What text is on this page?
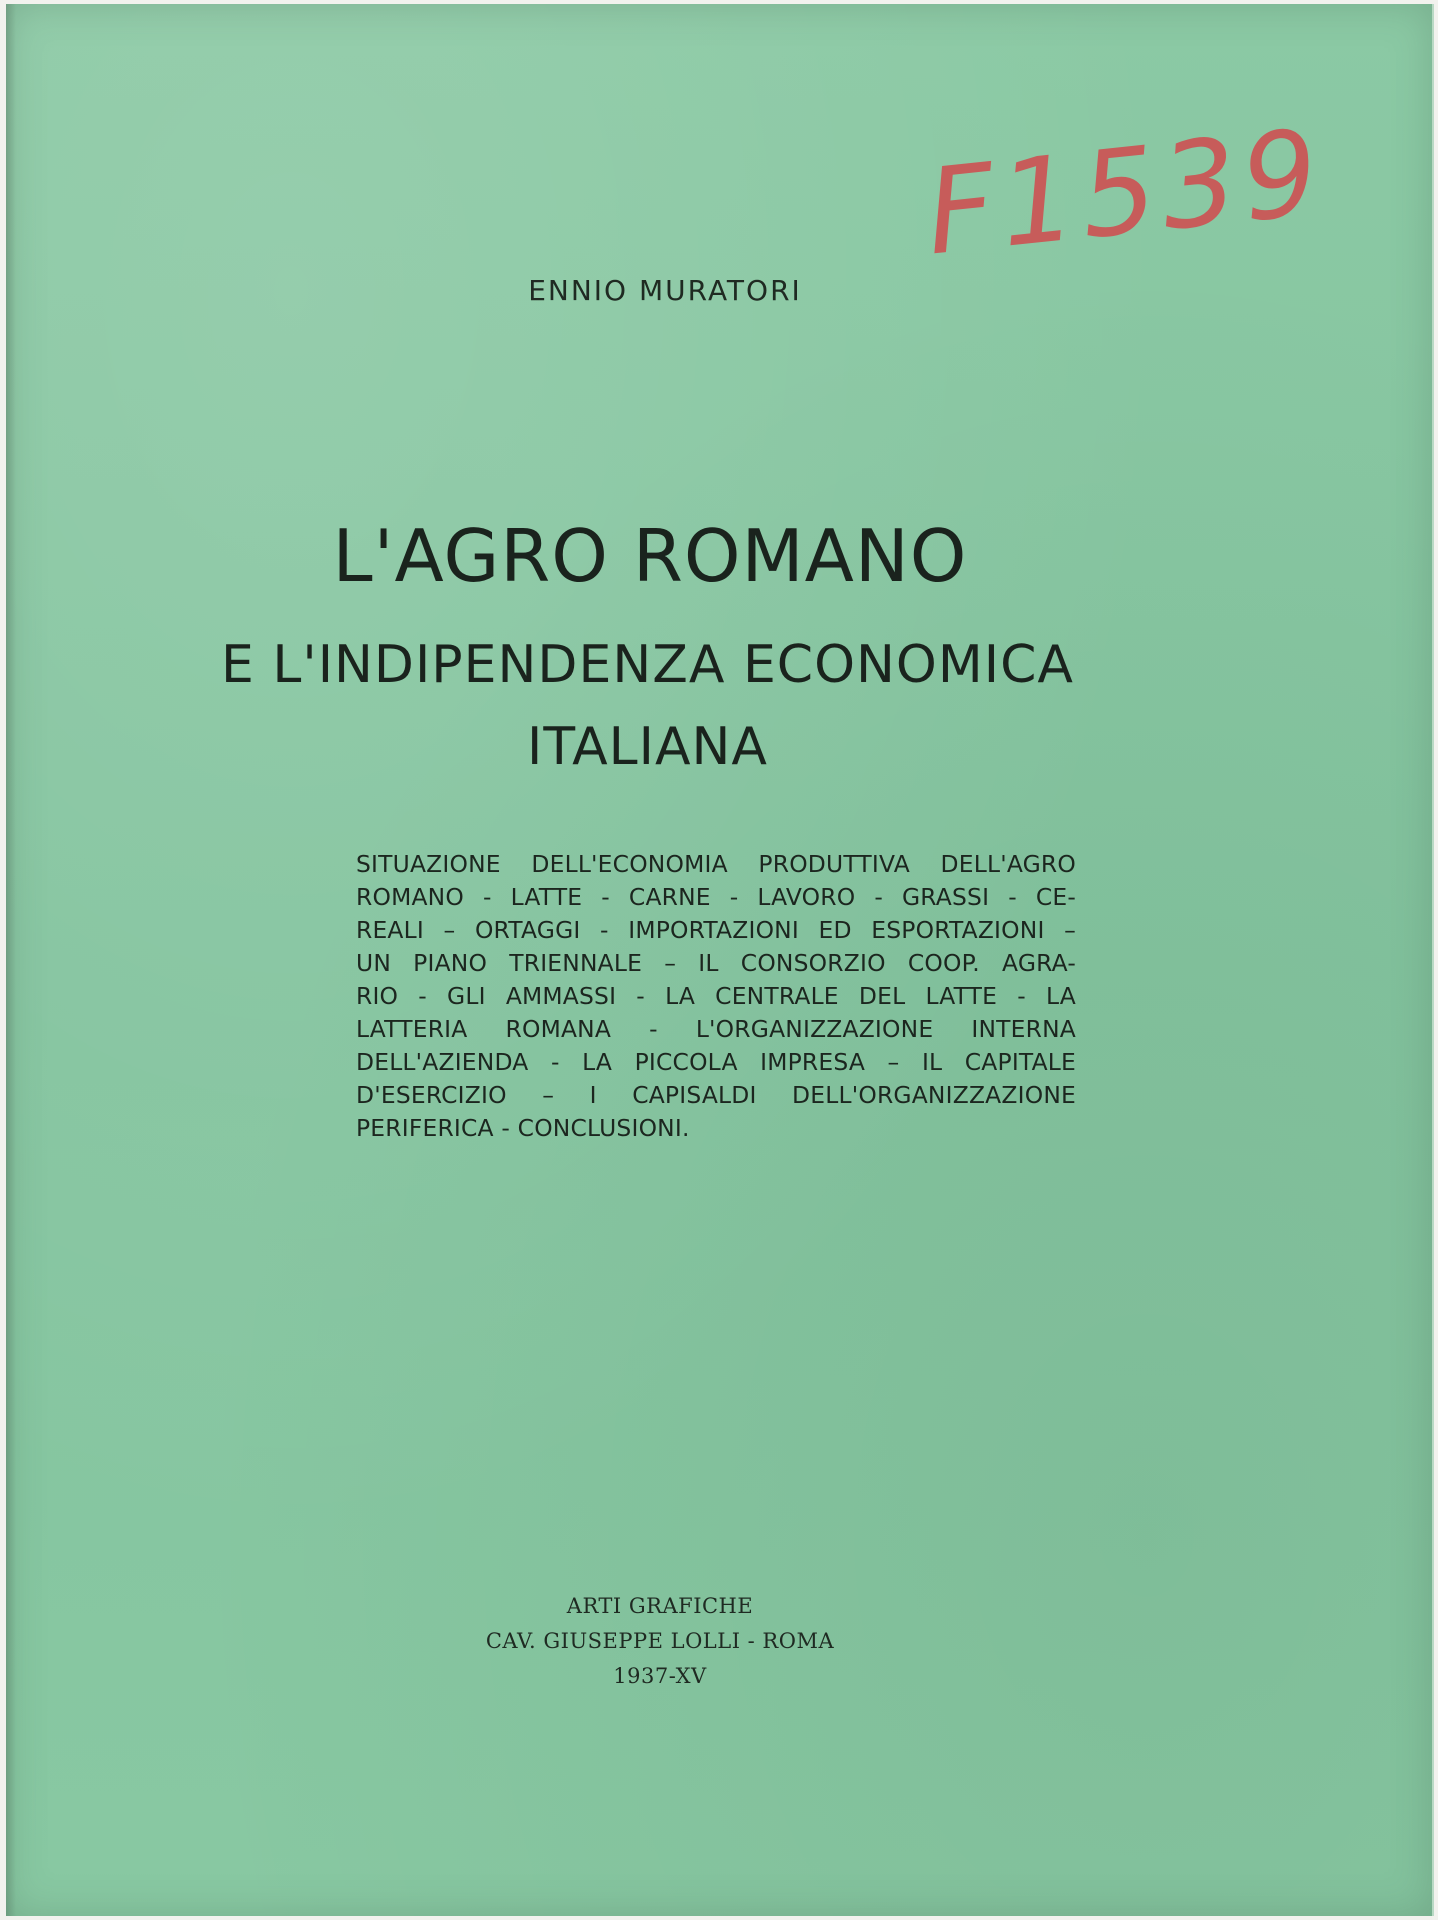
F1539
ENNIO MURATORI
L'AGRO ROMANO
E L'INDIPENDENZA ECONOMICA
ITALIANA
SITUAZIONE DELL'ECONOMIA PRODUTTIVA DELL'AGRO
ROMANO - LATTE - CARNE - LAVORO - GRASSI - CE-
REALI – ORTAGGI - IMPORTAZIONI ED ESPORTAZIONI –
UN PIANO TRIENNALE – IL CONSORZIO COOP. AGRA-
RIO - GLI AMMASSI - LA CENTRALE DEL LATTE - LA
LATTERIA ROMANA - L'ORGANIZZAZIONE INTERNA
DELL'AZIENDA - LA PICCOLA IMPRESA – IL CAPITALE
D'ESERCIZIO – I CAPISALDI DELL'ORGANIZZAZIONE
PERIFERICA - CONCLUSIONI.
ARTI GRAFICHE
CAV. GIUSEPPE LOLLI - ROMA
1937-XV
